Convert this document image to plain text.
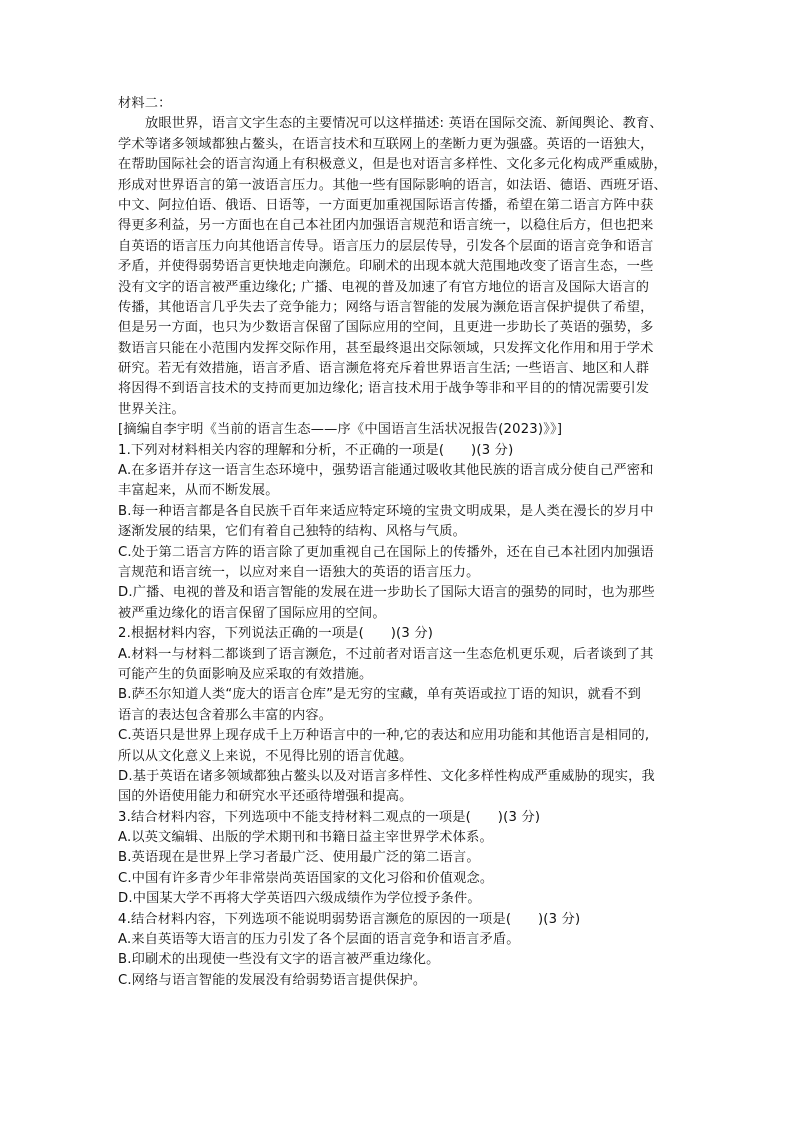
材料二：
放眼世界，语言文字生态的主要情况可以这样描述: 英语在国际交流、新闻舆论、教育、
学术等诸多领域都独占鳌头，在语言技术和互联网上的垄断力更为强盛。英语的一语独大，
在帮助国际社会的语言沟通上有积极意义，但是也对语言多样性、文化多元化构成严重威胁，
形成对世界语言的第一波语言压力。其他一些有国际影响的语言，如法语、德语、西班牙语、
中文、阿拉伯语、俄语、日语等，一方面更加重视国际语言传播，希望在第二语言方阵中获
得更多利益，另一方面也在自己本社团内加强语言规范和语言统一，以稳住后方，但也把来
自英语的语言压力向其他语言传导。语言压力的层层传导，引发各个层面的语言竞争和语言
矛盾，并使得弱势语言更快地走向濒危。印刷术的出现本就大范围地改变了语言生态，一些
没有文字的语言被严重边缘化; 广播、电视的普及加速了有官方地位的语言及国际大语言的
传播，其他语言几乎失去了竞争能力；网络与语言智能的发展为濒危语言保护提供了希望，
但是另一方面，也只为少数语言保留了国际应用的空间，且更进一步助长了英语的强势，多
数语言只能在小范围内发挥交际作用，甚至最终退出交际领域，只发挥文化作用和用于学术
研究。若无有效措施，语言矛盾、语言濒危将充斥着世界语言生活; 一些语言、地区和人群
将因得不到语言技术的支持而更加边缘化; 语言技术用于战争等非和平目的的情况需要引发
世界关注。
[摘编自李宇明《当前的语言生态——序《中国语言生活状况报告(2023)》》]
1.下列对材料相关内容的理解和分析，不正确的一项是(　　)(3 分)
A.在多语并存这一语言生态环境中，强势语言能通过吸收其他民族的语言成分使自己严密和
丰富起来，从而不断发展。
B.每一种语言都是各自民族千百年来适应特定环境的宝贵文明成果，是人类在漫长的岁月中
逐渐发展的结果，它们有着自己独特的结构、风格与气质。
C.处于第二语言方阵的语言除了更加重视自己在国际上的传播外，还在自己本社团内加强语
言规范和语言统一，以应对来自一语独大的英语的语言压力。
D.广播、电视的普及和语言智能的发展在进一步助长了国际大语言的强势的同时，也为那些
被严重边缘化的语言保留了国际应用的空间。
2.根据材料内容，下列说法正确的一项是(　　)(3 分)
A.材料一与材料二都谈到了语言濒危，不过前者对语言这一生态危机更乐观，后者谈到了其
可能产生的负面影响及应采取的有效措施。
B.萨丕尔知道人类“庞大的语言仓库”是无穷的宝藏，单有英语或拉丁语的知识，就看不到
语言的表达包含着那么丰富的内容。
C.英语只是世界上现存成千上万种语言中的一种,它的表达和应用功能和其他语言是相同的,
所以从文化意义上来说，不见得比别的语言优越。
D.基于英语在诸多领域都独占鳌头以及对语言多样性、文化多样性构成严重威胁的现实，我
国的外语使用能力和研究水平还亟待增强和提高。
3.结合材料内容，下列选项中不能支持材料二观点的一项是(　　)(3 分)
A.以英文编辑、出版的学术期刊和书籍日益主宰世界学术体系。
B.英语现在是世界上学习者最广泛、使用最广泛的第二语言。
C.中国有许多青少年非常崇尚英语国家的文化习俗和价值观念。
D.中国某大学不再将大学英语四六级成绩作为学位授予条件。
4.结合材料内容，下列选项不能说明弱势语言濒危的原因的一项是(　　)(3 分)
A.来自英语等大语言的压力引发了各个层面的语言竞争和语言矛盾。
B.印刷术的出现使一些没有文字的语言被严重边缘化。
C.网络与语言智能的发展没有给弱势语言提供保护。
